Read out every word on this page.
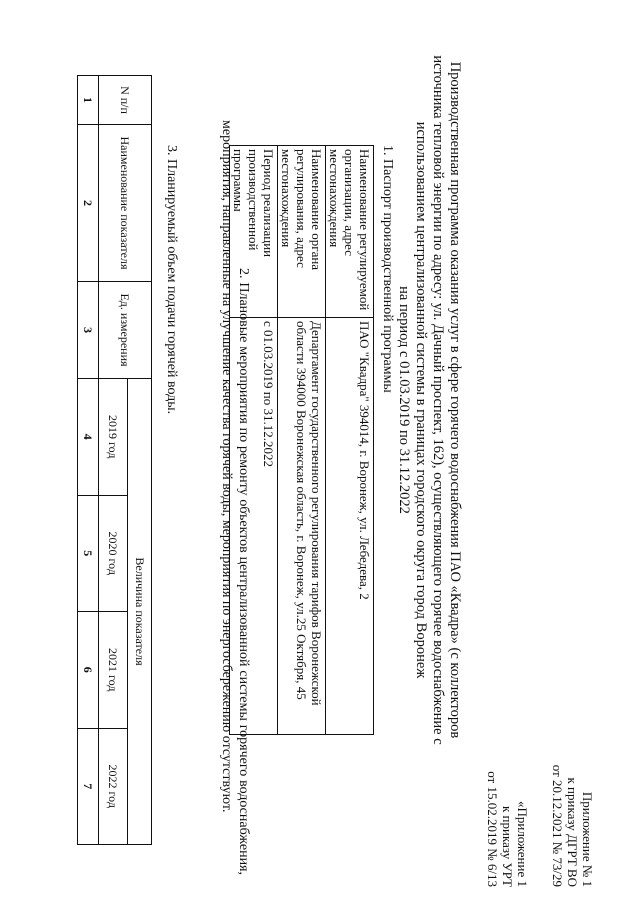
Приложение № 1
к приказу ДГРТ ВО
от 20.12.2021 № 73/29
«Приложение 1
к приказу УРТ
от 15.02.2019 № 6/13
Производственная программа оказания услуг в сфере горячего водоснабжения ПАО «Квадра» (с коллекторов
источника тепловой энергии по адресу: ул. Дачный проспект, 162), осуществляющего горячее водоснабжение с
использованием централизованной системы в границах городского округа город Воронеж
на период с 01.03.2019 по 31.12.2022
1. Паспорт производственной программы
Наименование регулируемой организации, адрес местонахождения	ПАО "Квадра" 394014, г. Воронеж, ул. Лебедева, 2
Наименование органа регулирования, адрес местонахождения	Департамент государственного регулирования тарифов Воронежской области 394000 Воронежская область, г. Воронеж, ул.25 Октября, 45
Период реализации производственной программы	с 01.03.2019 по 31.12.2022
2. Плановые мероприятия по ремонту объектов централизованной системы горячего водоснабжения, мероприятия, направленные на улучшение качества горячей воды, мероприятия по энергосбережению отсутствуют.
3. Планируемый объем подачи горячей воды.
N п/п	Наименование показателя	Ед. измерения	Величина показателя			
			2019 год	2020 год	2021 год	2022 год
1	2	3	4	5	6	7
